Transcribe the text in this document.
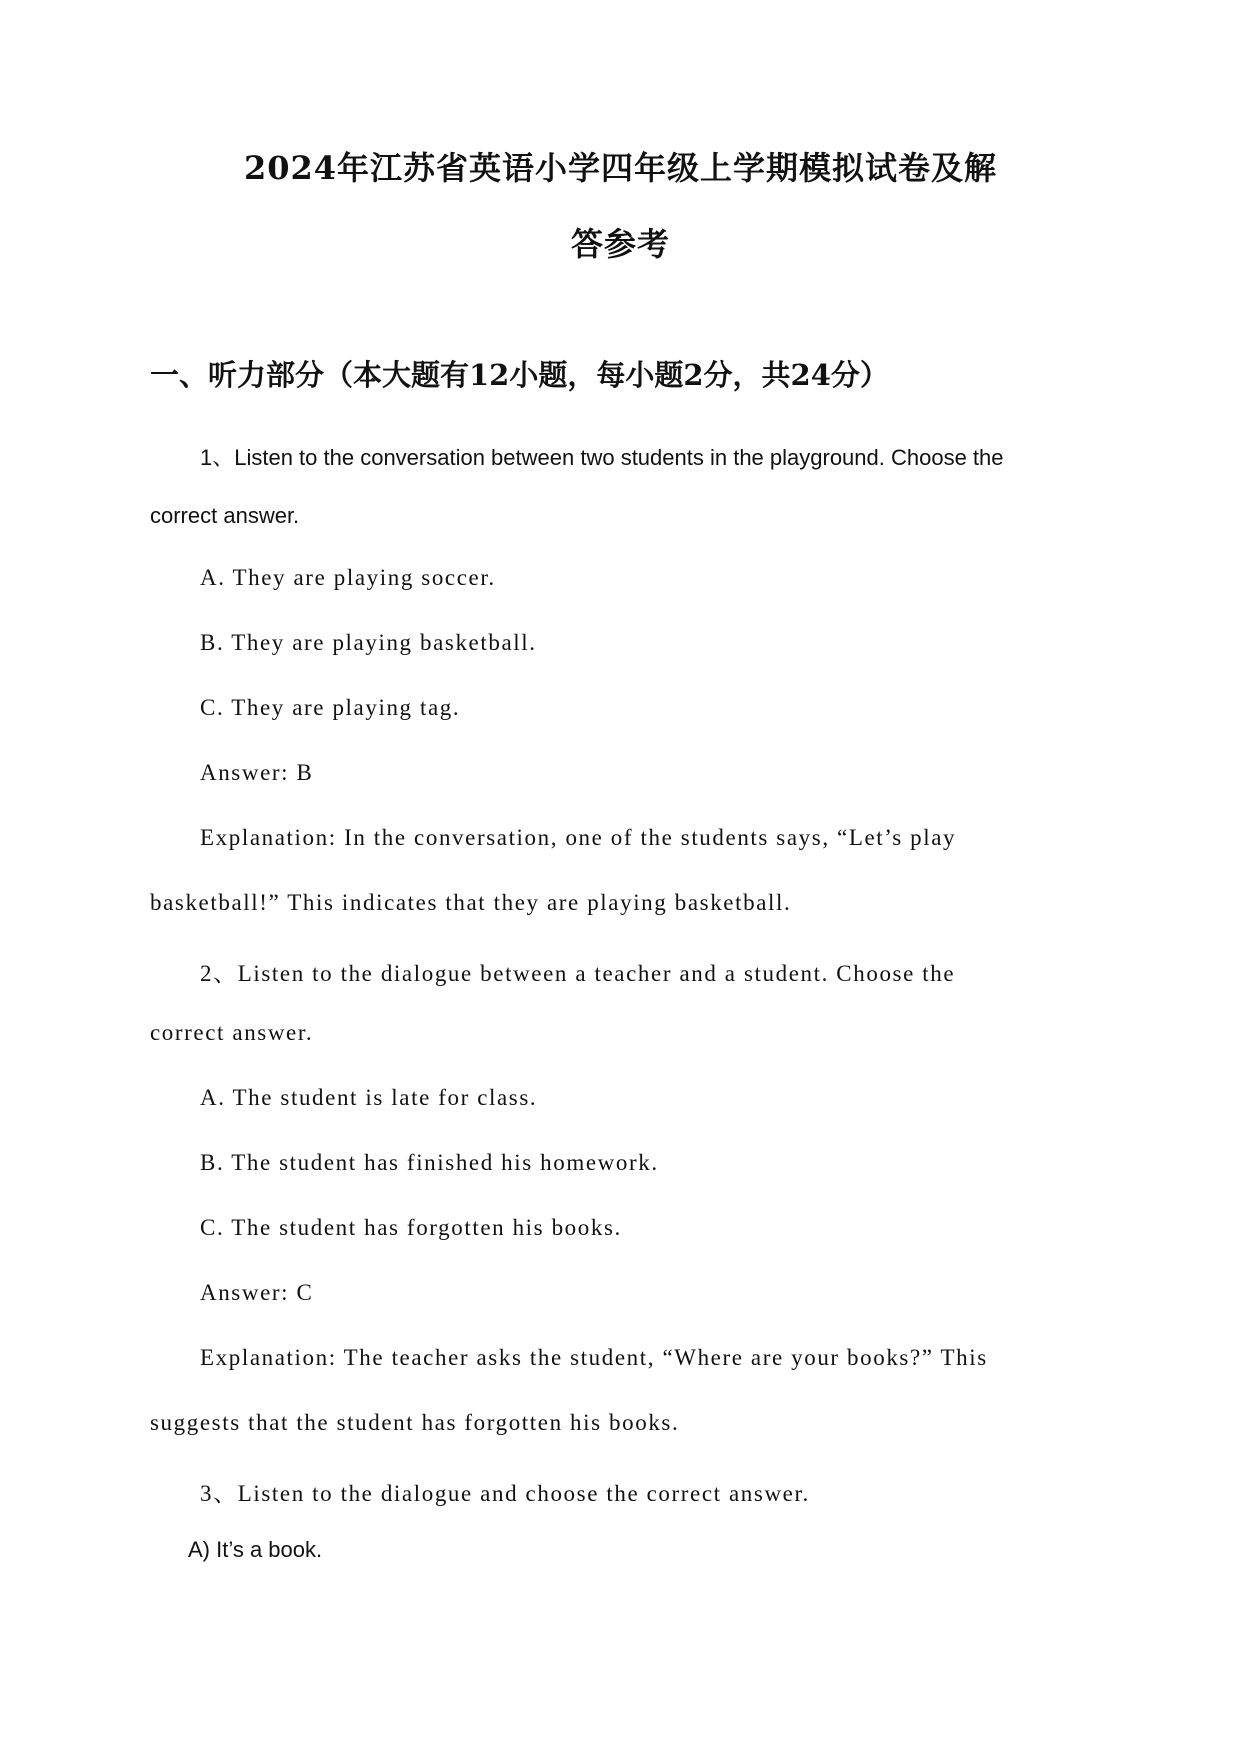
2024年江苏省英语小学四年级上学期模拟试卷及解
答参考
一、听力部分（本大题有12小题，每小题2分，共24分）
1、Listen to the conversation between two students in the playground. Choose the
correct answer.
A. They are playing soccer.
B. They are playing basketball.
C. They are playing tag.
Answer: B
Explanation: In the conversation, one of the students says, “Let’s play
basketball!” This indicates that they are playing basketball.
2、Listen to the dialogue between a teacher and a student. Choose the
correct answer.
A. The student is late for class.
B. The student has finished his homework.
C. The student has forgotten his books.
Answer: C
Explanation: The teacher asks the student, “Where are your books?” This
suggests that the student has forgotten his books.
3、Listen to the dialogue and choose the correct answer.
A) It’s a book.
